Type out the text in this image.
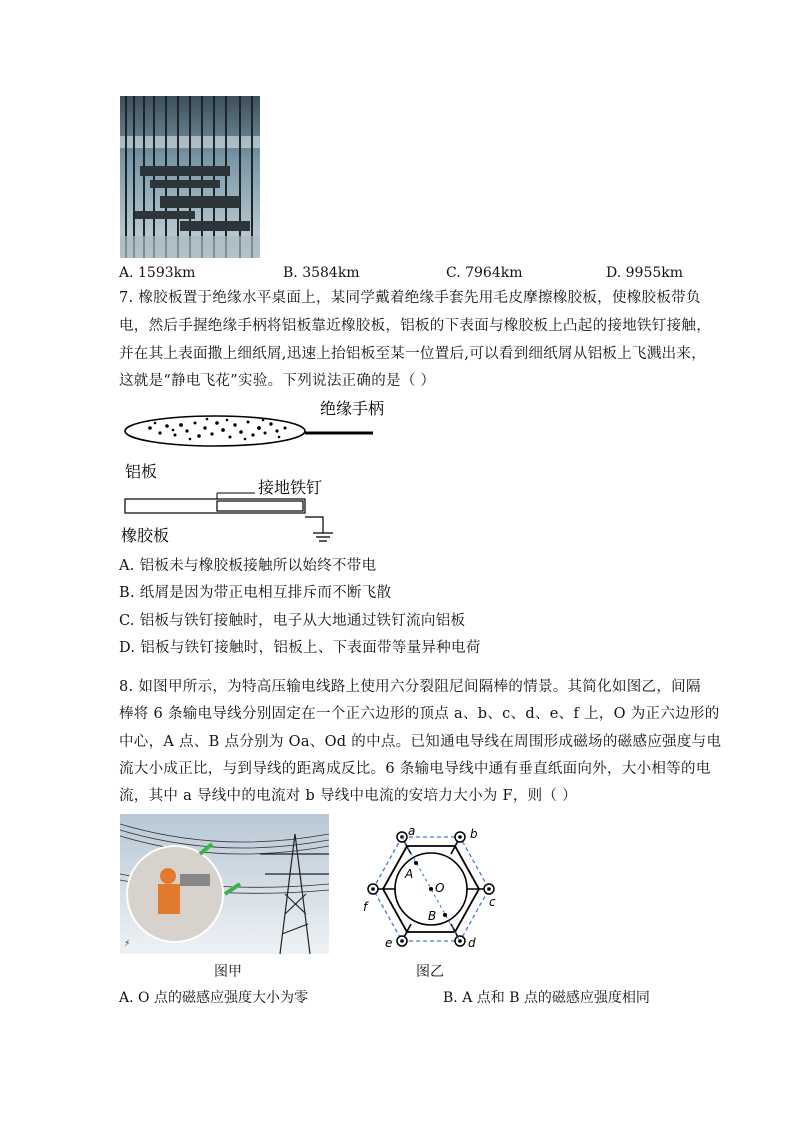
A. 1593km	B. 3584km	C. 7964km	D. 9955km
7. 橡胶板置于绝缘水平桌面上，某同学戴着绝缘手套先用毛皮摩擦橡胶板，使橡胶板带负
电，然后手握绝缘手柄将铝板靠近橡胶板，铝板的下表面与橡胶板上凸起的接地铁钉接触，
并在其上表面撒上细纸屑,迅速上抬铝板至某一位置后,可以看到细纸屑从铝板上飞溅出来，
这就是“静电飞花”实验。下列说法正确的是（ ）
绝缘手柄
铝板
接地铁钉
橡胶板
A. 铝板未与橡胶板接触所以始终不带电
B. 纸屑是因为带正电相互排斥而不断飞散
C. 铝板与铁钉接触时，电子从大地通过铁钉流向铝板
D. 铝板与铁钉接触时，铝板上、下表面带等量异种电荷
8. 如图甲所示，为特高压输电线路上使用六分裂阻尼间隔棒的情景。其简化如图乙，间隔
棒将 6 条输电导线分别固定在一个正六边形的顶点 a、b、c、d、e、f 上，O 为正六边形的
中心，A 点、B 点分别为 Oa、Od 的中点。已知通电导线在周围形成磁场的磁感应强度与电
流大小成正比，与到导线的距离成反比。6 条输电导线中通有垂直纸面向外，大小相等的电
流，其中 a 导线中的电流对 b 导线中电流的安培力大小为 F，则（ ）
⚡
图甲
a	b
c
d
e
f
A
O
B
图乙
A. O 点的磁感应强度大小为零	B. A 点和 B 点的磁感应强度相同
